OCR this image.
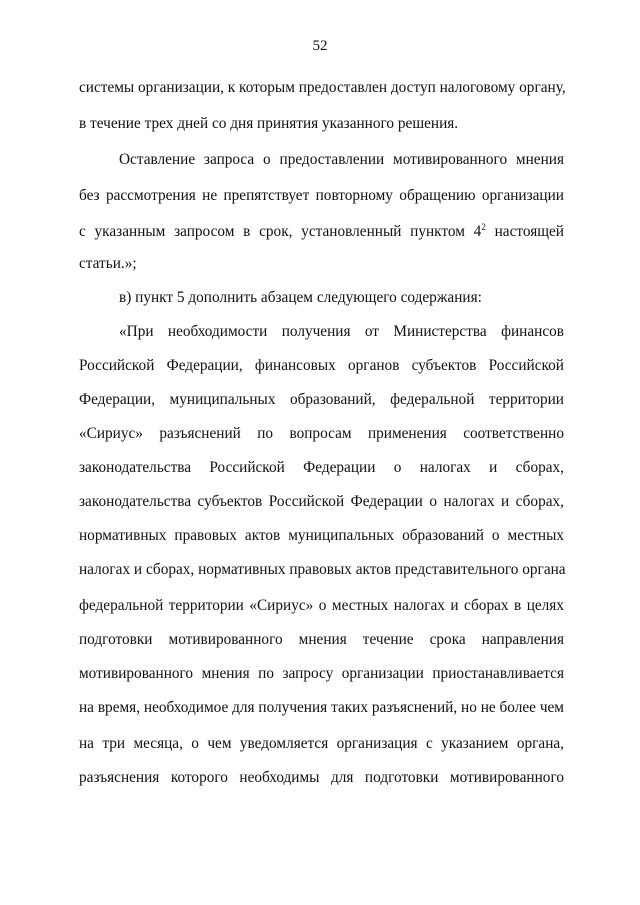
52
системы организации, к которым предоставлен доступ налоговому органу,
в течение трех дней со дня принятия указанного решения.
Оставление запроса о предоставлении мотивированного мнения
без рассмотрения не препятствует повторному обращению организации
с указанным запросом в срок, установленный пунктом $4^2$ настоящей
статьи.»;
в) пункт 5 дополнить абзацем следующего содержания:
«При необходимости получения от Министерства финансов
Российской Федерации, финансовых органов субъектов Российской
Федерации, муниципальных образований, федеральной территории
«Сириус» разъяснений по вопросам применения соответственно
законодательства Российской Федерации о налогах и сборах,
законодательства субъектов Российской Федерации о налогах и сборах,
нормативных правовых актов муниципальных образований о местных
налогах и сборах, нормативных правовых актов представительного органа
федеральной территории «Сириус» о местных налогах и сборах в целях
подготовки мотивированного мнения течение срока направления
мотивированного мнения по запросу организации приостанавливается
на время, необходимое для получения таких разъяснений, но не более чем
на три месяца, о чем уведомляется организация с указанием органа,
разъяснения которого необходимы для подготовки мотивированного
